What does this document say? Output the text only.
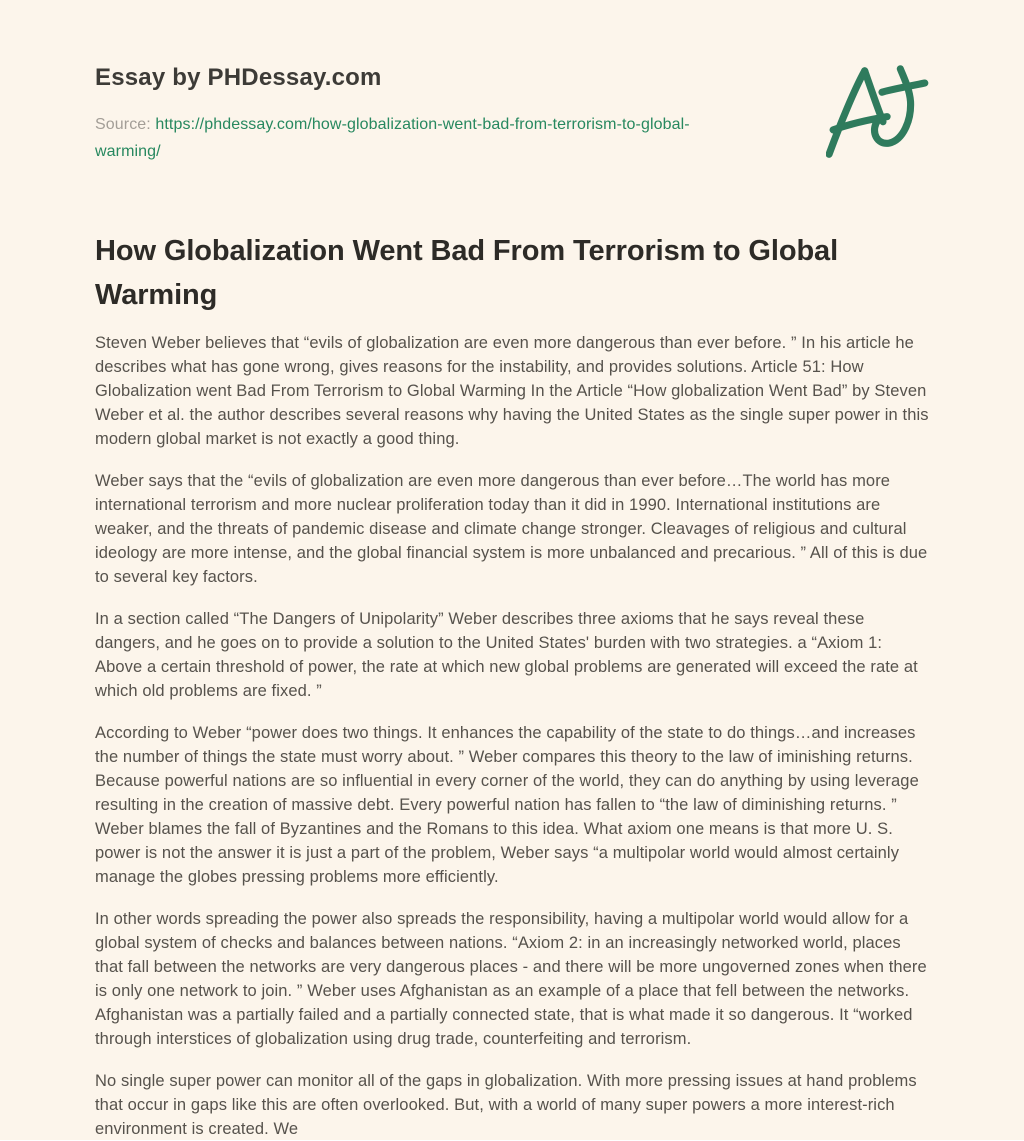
Essay by PHDessay.com
Source: https://phdessay.com/how-globalization-went-bad-from-terrorism-to-global-warming/
How Globalization Went Bad From Terrorism to Global Warming

Steven Weber believes that “evils of globalization are even more dangerous than ever before. ” In his article he describes what has gone wrong, gives reasons for the instability, and provides solutions. Article 51: How Globalization went Bad From Terrorism to Global Warming In the Article “How globalization Went Bad” by Steven Weber et al. the author describes several reasons why having the United States as the single super power in this modern global market is not exactly a good thing.

Weber says that the “evils of globalization are even more dangerous than ever before…The world has more international terrorism and more nuclear proliferation today than it did in 1990. International institutions are weaker, and the threats of pandemic disease and climate change stronger. Cleavages of religious and cultural ideology are more intense, and the global financial system is more unbalanced and precarious. ” All of this is due to several key factors.

In a section called “The Dangers of Unipolarity” Weber describes three axioms that he says reveal these dangers, and he goes on to provide a solution to the United States' burden with two strategies. a “Axiom 1: Above a certain threshold of power, the rate at which new global problems are generated will exceed the rate at which old problems are fixed. ”

According to Weber “power does two things. It enhances the capability of the state to do things…and increases the number of things the state must worry about. ” Weber compares this theory to the law of iminishing returns. Because powerful nations are so influential in every corner of the world, they can do anything by using leverage resulting in the creation of massive debt. Every powerful nation has fallen to “the law of diminishing returns. ” Weber blames the fall of Byzantines and the Romans to this idea. What axiom one means is that more U. S. power is not the answer it is just a part of the problem, Weber says “a multipolar world would almost certainly manage the globes pressing problems more efficiently.

In other words spreading the power also spreads the responsibility, having a multipolar world would allow for a global system of checks and balances between nations. “Axiom 2: in an increasingly networked world, places that fall between the networks are very dangerous places - and there will be more ungoverned zones when there is only one network to join. ” Weber uses Afghanistan as an example of a place that fell between the networks. Afghanistan was a partially failed and a partially connected state, that is what made it so dangerous. It “worked through interstices of globalization using drug trade, counterfeiting and terrorism.

No single super power can monitor all of the gaps in globalization. With more pressing issues at hand problems that occur in gaps like this are often overlooked. But, with a world of many super powers a more interest-rich environment is created. We
